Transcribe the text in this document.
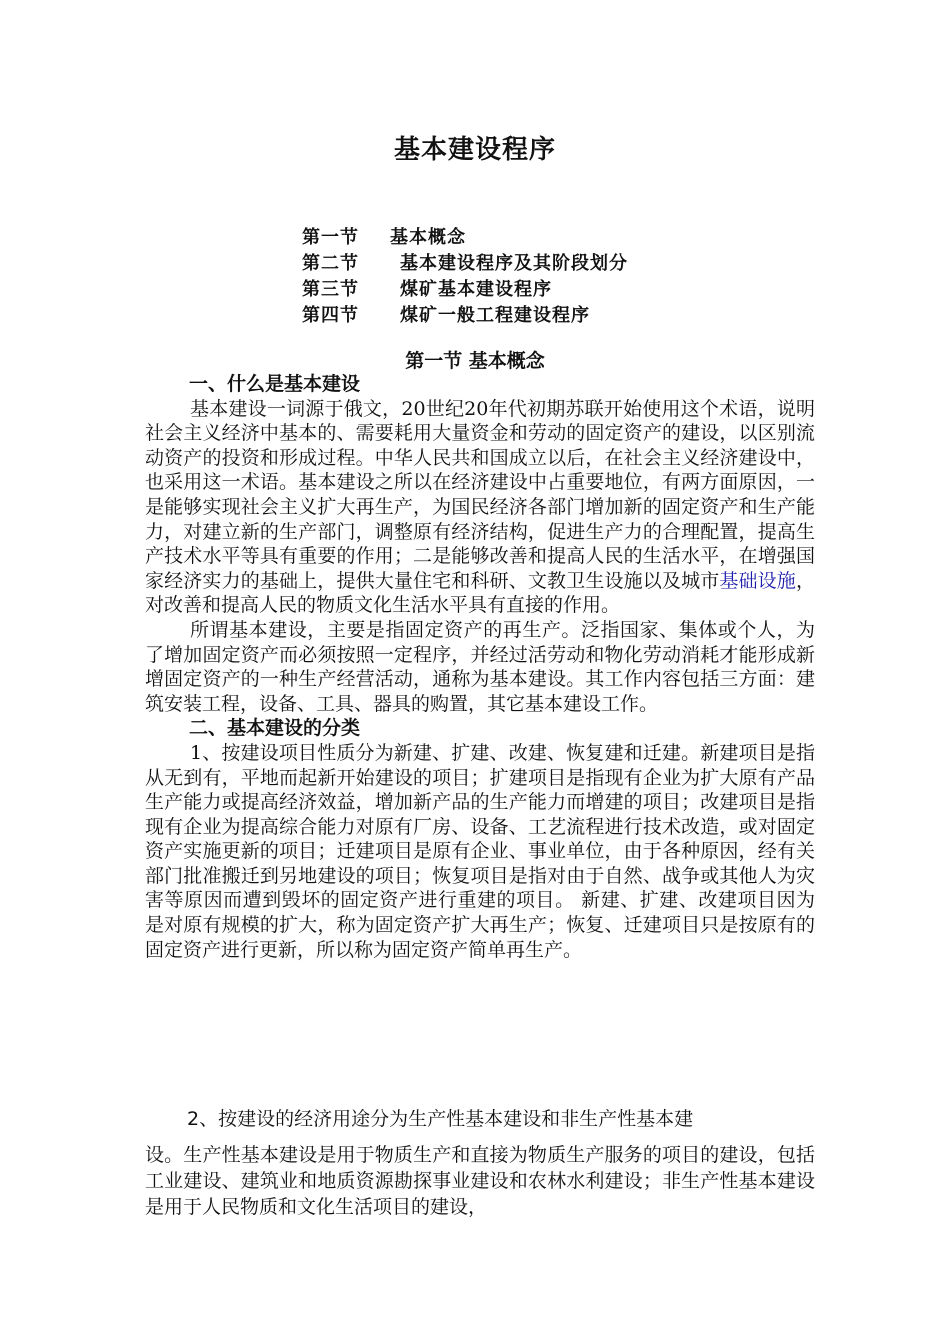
基本建设程序
第一节 基本概念
第二节 基本建设程序及其阶段划分
第三节 煤矿基本建设程序
第四节 煤矿一般工程建设程序
第一节 基本概念
一、什么是基本建设
基本建设一词源于俄文，20世纪20年代初期苏联开始使用这个术语，说明社会主义经济中基本的、需要耗用大量资金和劳动的固定资产的建设，以区别流动资产的投资和形成过程。中华人民共和国成立以后，在社会主义经济建设中，也采用这一术语。基本建设之所以在经济建设中占重要地位，有两方面原因，一是能够实现社会主义扩大再生产，为国民经济各部门增加新的固定资产和生产能力，对建立新的生产部门，调整原有经济结构，促进生产力的合理配置，提高生产技术水平等具有重要的作用；二是能够改善和提高人民的生活水平，在增强国家经济实力的基础上，提供大量住宅和科研、文教卫生设施以及城市基础设施，对改善和提高人民的物质文化生活水平具有直接的作用。
所谓基本建设，主要是指固定资产的再生产。泛指国家、集体或个人，为了增加固定资产而必须按照一定程序，并经过活劳动和物化劳动消耗才能形成新增固定资产的一种生产经营活动，通称为基本建设。其工作内容包括三方面：建筑安装工程，设备、工具、器具的购置，其它基本建设工作。
二、基本建设的分类
1、按建设项目性质分为新建、扩建、改建、恢复建和迁建。新建项目是指从无到有，平地而起新开始建设的项目；扩建项目是指现有企业为扩大原有产品生产能力或提高经济效益，增加新产品的生产能力而增建的项目；改建项目是指现有企业为提高综合能力对原有厂房、设备、工艺流程进行技术改造，或对固定资产实施更新的项目；迁建项目是原有企业、事业单位，由于各种原因，经有关部门批准搬迁到另地建设的项目；恢复项目是指对由于自然、战争或其他人为灾害等原因而遭到毁坏的固定资产进行重建的项目。 新建、扩建、改建项目因为是对原有规模的扩大，称为固定资产扩大再生产；恢复、迁建项目只是按原有的固定资产进行更新，所以称为固定资产简单再生产。
2、按建设的经济用途分为生产性基本建设和非生产性基本建
设。生产性基本建设是用于物质生产和直接为物质生产服务的项目的建设，包括工业建设、建筑业和地质资源勘探事业建设和农林水利建设；非生产性基本建设是用于人民物质和文化生活项目的建设，
